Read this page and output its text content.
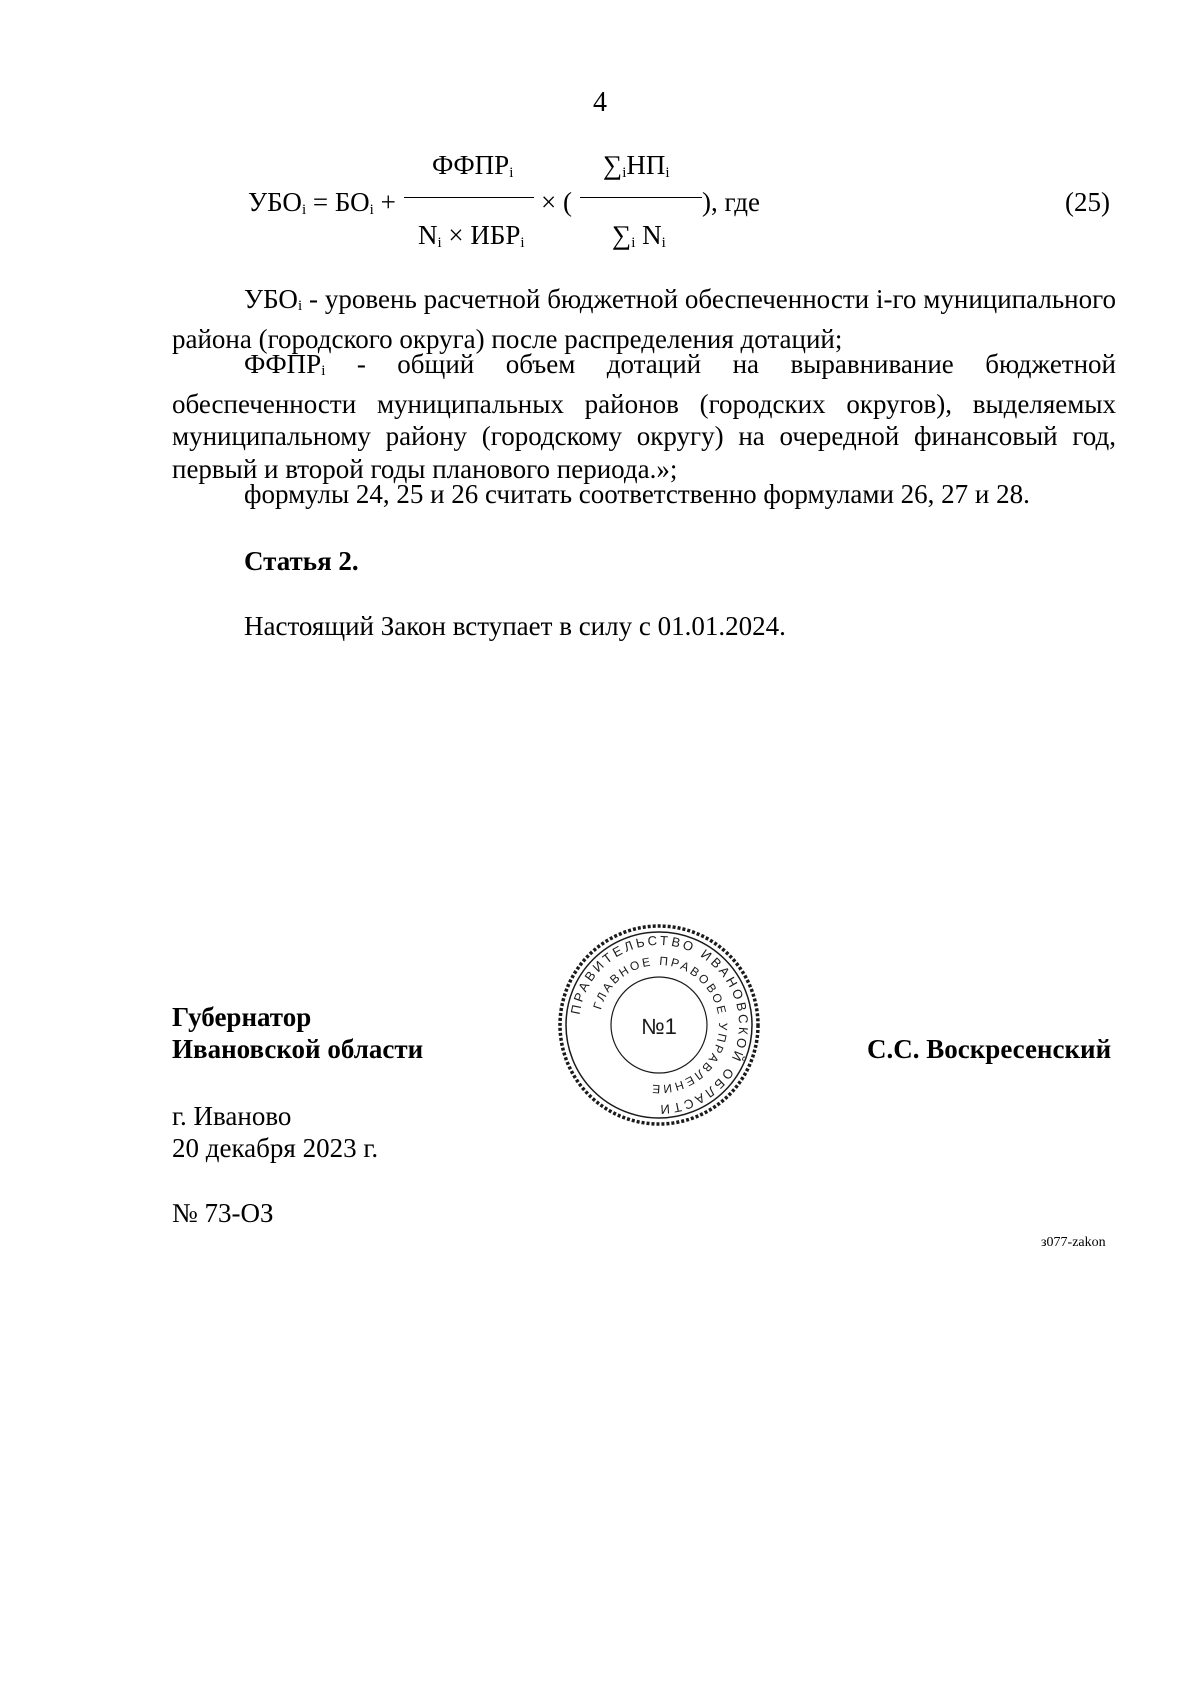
4
$УБО_i = БО_i$ +
$ФФПР_i$
$N_i \times ИБР_i$
× (
$\sum_iНП_i$
$\sum_i$ $N_i$
), где	(25)

$УБО_i$ - уровень расчетной бюджетной обеспеченности i-го муниципального района (городского округа) после распределения дотаций;

$ФФПР_i$ - общий объем дотаций на выравнивание бюджетной обеспеченности муниципальных районов (городских округов), выделяемых муниципальному району (городскому округу) на очередной финансовый год, первый и второй годы планового периода.»;

формулы 24, 25 и 26 считать соответственно формулами 26, 27 и 28.

Статья 2.
Настоящий Закон вступает в силу с 01.01.2024.
Губернатор
Ивановской области	С.С. Воскресенский
ПРАВИТЕЛЬСТВО ИВАНОВСКОЙ ОБЛАСТИ
ГЛАВНОЕ ПРАВОВОЕ УПРАВЛЕНИЕ
№1
г. Иваново
20 декабря 2023 г.
№ 73-ОЗ
з077-zakon
